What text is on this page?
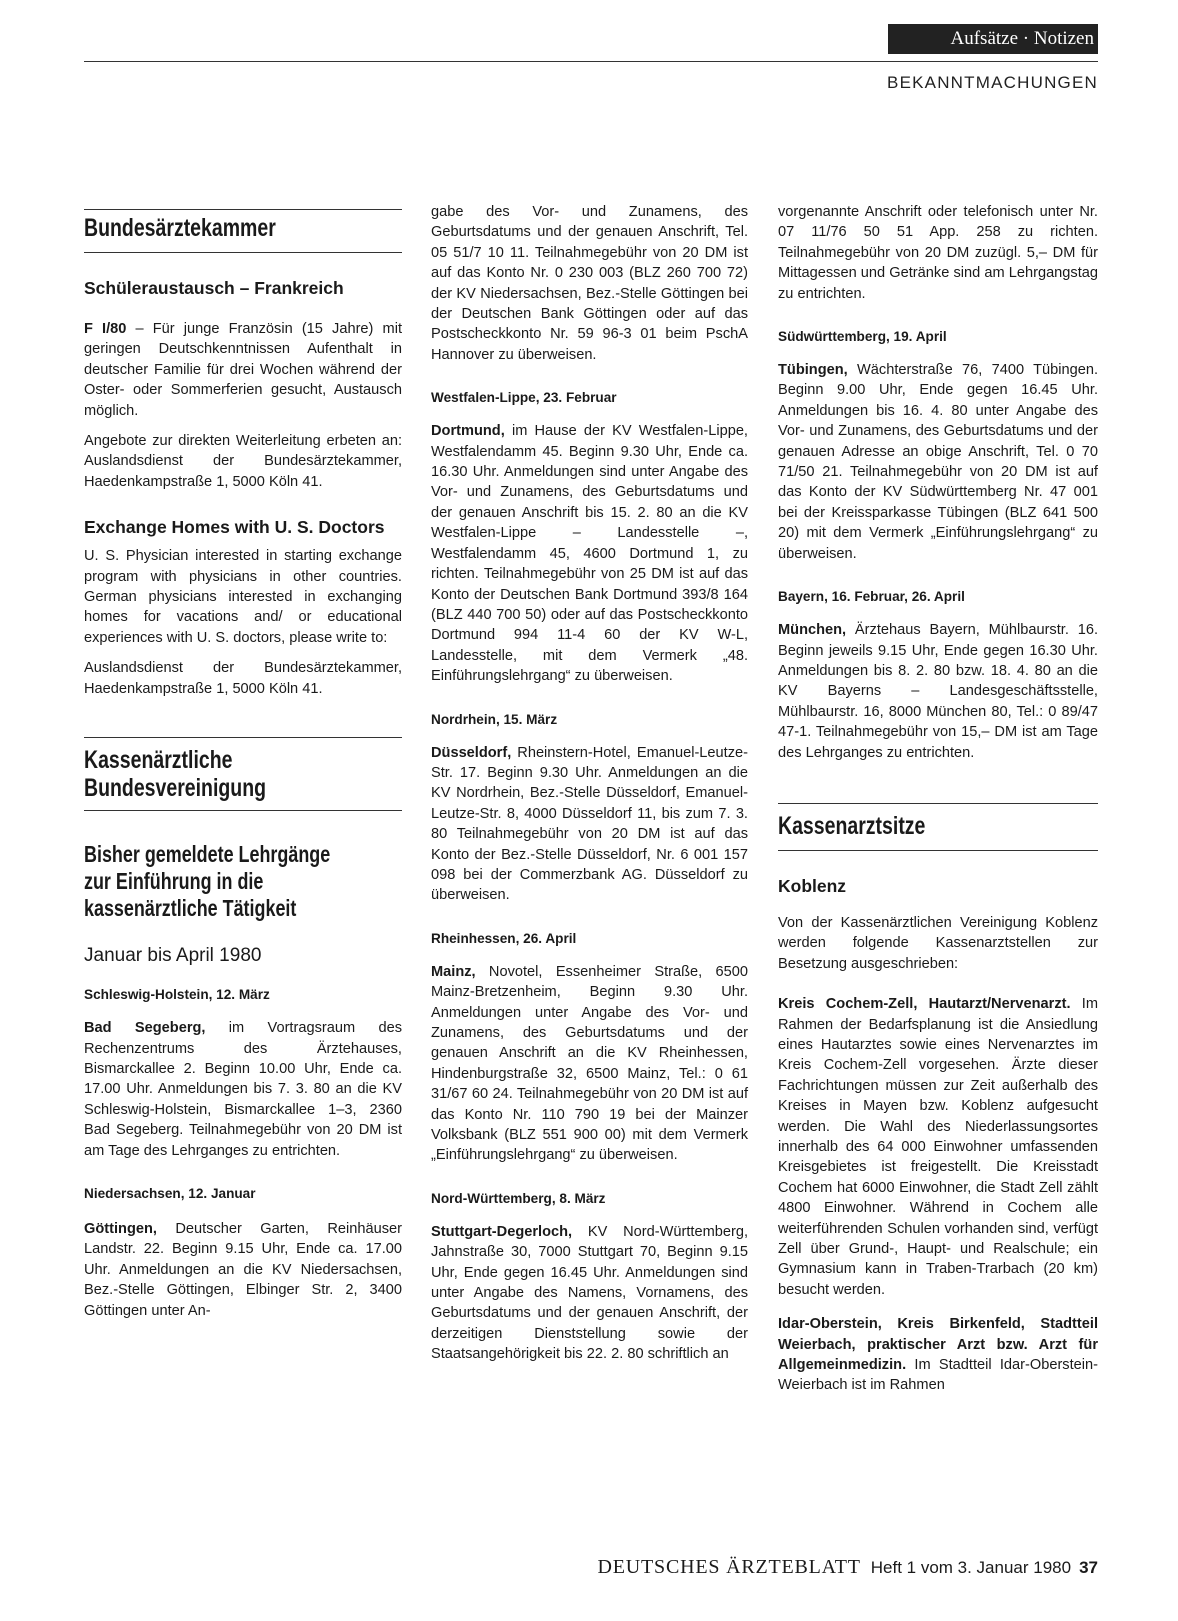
Aufsätze · Notizen
BEKANNTMACHUNGEN
Bundesärztekammer
Schüleraustausch – Frankreich

F I/80 – Für junge Französin (15 Jahre) mit geringen Deutschkenntnissen Aufenthalt in deutscher Familie für drei Wochen während der Oster- oder Sommerferien gesucht, Austausch möglich.

Angebote zur direkten Weiterleitung erbeten an: Auslandsdienst der Bundesärztekammer, Haedenkampstraße 1, 5000 Köln 41.

Exchange Homes with U. S. Doctors

U. S. Physician interested in starting exchange program with physicians in other countries. German physicians interested in exchanging homes for vacations and/ or educational experiences with U. S. doctors, please write to:

Auslandsdienst der Bundesärztekammer, Haedenkampstraße 1, 5000 Köln 41.

Kassenärztliche
Bundesvereinigung
Bisher gemeldete Lehrgänge
zur Einführung in die
kassenärztliche Tätigkeit

Januar bis April 1980

Schleswig-Holstein, 12. März

Bad Segeberg, im Vortragsraum des Rechenzentrums des Ärztehauses, Bismarckallee 2. Beginn 10.00 Uhr, Ende ca. 17.00 Uhr. Anmeldungen bis 7. 3. 80 an die KV Schleswig-Holstein, Bismarckallee 1–3, 2360 Bad Segeberg. Teilnahmegebühr von 20 DM ist am Tage des Lehrganges zu entrichten.

Niedersachsen, 12. Januar

Göttingen, Deutscher Garten, Reinhäuser Landstr. 22. Beginn 9.15 Uhr, Ende ca. 17.00 Uhr. Anmeldungen an die KV Niedersachsen, Bez.-Stelle Göttingen, Elbinger Str. 2, 3400 Göttingen unter An-

gabe des Vor- und Zunamens, des Geburtsdatums und der genauen Anschrift, Tel. 05 51/7 10 11. Teilnahmegebühr von 20 DM ist auf das Konto Nr. 0 230 003 (BLZ 260 700 72) der KV Niedersachsen, Bez.-Stelle Göttingen bei der Deutschen Bank Göttingen oder auf das Postscheckkonto Nr. 59 96-3 01 beim PschA Hannover zu überweisen.

Westfalen-Lippe, 23. Februar

Dortmund, im Hause der KV Westfalen-Lippe, Westfalendamm 45. Beginn 9.30 Uhr, Ende ca. 16.30 Uhr. Anmeldungen sind unter Angabe des Vor- und Zunamens, des Geburtsdatums und der genauen Anschrift bis 15. 2. 80 an die KV Westfalen-Lippe – Landesstelle –, Westfalendamm 45, 4600 Dortmund 1, zu richten. Teilnahmegebühr von 25 DM ist auf das Konto der Deutschen Bank Dortmund 393/8 164 (BLZ 440 700 50) oder auf das Postscheckkonto Dortmund 994 11-4 60 der KV W-L, Landesstelle, mit dem Vermerk „48. Einführungslehrgang“ zu überweisen.

Nordrhein, 15. März

Düsseldorf, Rheinstern-Hotel, Emanuel-Leutze-Str. 17. Beginn 9.30 Uhr. Anmeldungen an die KV Nordrhein, Bez.-Stelle Düsseldorf, Emanuel-Leutze-Str. 8, 4000 Düsseldorf 11, bis zum 7. 3. 80 Teilnahmegebühr von 20 DM ist auf das Konto der Bez.-Stelle Düsseldorf, Nr. 6 001 157 098 bei der Commerzbank AG. Düsseldorf zu überweisen.

Rheinhessen, 26. April

Mainz, Novotel, Essenheimer Straße, 6500 Mainz-Bretzenheim, Beginn 9.30 Uhr. Anmeldungen unter Angabe des Vor- und Zunamens, des Geburtsdatums und der genauen Anschrift an die KV Rheinhessen, Hindenburgstraße 32, 6500 Mainz, Tel.: 0 61 31/67 60 24. Teilnahmegebühr von 20 DM ist auf das Konto Nr. 110 790 19 bei der Mainzer Volksbank (BLZ 551 900 00) mit dem Vermerk „Einführungslehrgang“ zu überweisen.

Nord-Württemberg, 8. März

Stuttgart-Degerloch, KV Nord-Württemberg, Jahnstraße 30, 7000 Stuttgart 70, Beginn 9.15 Uhr, Ende gegen 16.45 Uhr. Anmeldungen sind unter Angabe des Namens, Vornamens, des Geburtsdatums und der genauen Anschrift, der derzeitigen Dienststellung sowie der Staatsangehörigkeit bis 22. 2. 80 schriftlich an

vorgenannte Anschrift oder telefonisch unter Nr. 07 11/76 50 51 App. 258 zu richten. Teilnahmegebühr von 20 DM zuzügl. 5,– DM für Mittagessen und Getränke sind am Lehrgangstag zu entrichten.

Südwürttemberg, 19. April

Tübingen, Wächterstraße 76, 7400 Tübingen. Beginn 9.00 Uhr, Ende gegen 16.45 Uhr. Anmeldungen bis 16. 4. 80 unter Angabe des Vor- und Zunamens, des Geburtsdatums und der genauen Adresse an obige Anschrift, Tel. 0 70 71/50 21. Teilnahmegebühr von 20 DM ist auf das Konto der KV Südwürttemberg Nr. 47 001 bei der Kreissparkasse Tübingen (BLZ 641 500 20) mit dem Vermerk „Einführungslehrgang“ zu überweisen.

Bayern, 16. Februar, 26. April

München, Ärztehaus Bayern, Mühlbaurstr. 16. Beginn jeweils 9.15 Uhr, Ende gegen 16.30 Uhr. Anmeldungen bis 8. 2. 80 bzw. 18. 4. 80 an die KV Bayerns – Landesgeschäftsstelle, Mühlbaurstr. 16, 8000 München 80, Tel.: 0 89/47 47-1. Teilnahmegebühr von 15,– DM ist am Tage des Lehrganges zu entrichten.

Kassenarztsitze
Koblenz

Von der Kassenärztlichen Vereinigung Koblenz werden folgende Kassenarztstellen zur Besetzung ausgeschrieben:

Kreis Cochem-Zell, Hautarzt/Nervenarzt. Im Rahmen der Bedarfsplanung ist die Ansiedlung eines Hautarztes sowie eines Nervenarztes im Kreis Cochem-Zell vorgesehen. Ärzte dieser Fachrichtungen müssen zur Zeit außerhalb des Kreises in Mayen bzw. Koblenz aufgesucht werden. Die Wahl des Niederlassungsortes innerhalb des 64 000 Einwohner umfassenden Kreisgebietes ist freigestellt. Die Kreisstadt Cochem hat 6000 Einwohner, die Stadt Zell zählt 4800 Einwohner. Während in Cochem alle weiterführenden Schulen vorhanden sind, verfügt Zell über Grund-, Haupt- und Realschule; ein Gymnasium kann in Traben-Trarbach (20 km) besucht werden.

Idar-Oberstein, Kreis Birkenfeld, Stadtteil Weierbach, praktischer Arzt bzw. Arzt für Allgemeinmedizin. Im Stadtteil Idar-Oberstein-Weierbach ist im Rahmen

DEUTSCHES ÄRZTEBLATT Heft 1 vom 3. Januar 1980 37
